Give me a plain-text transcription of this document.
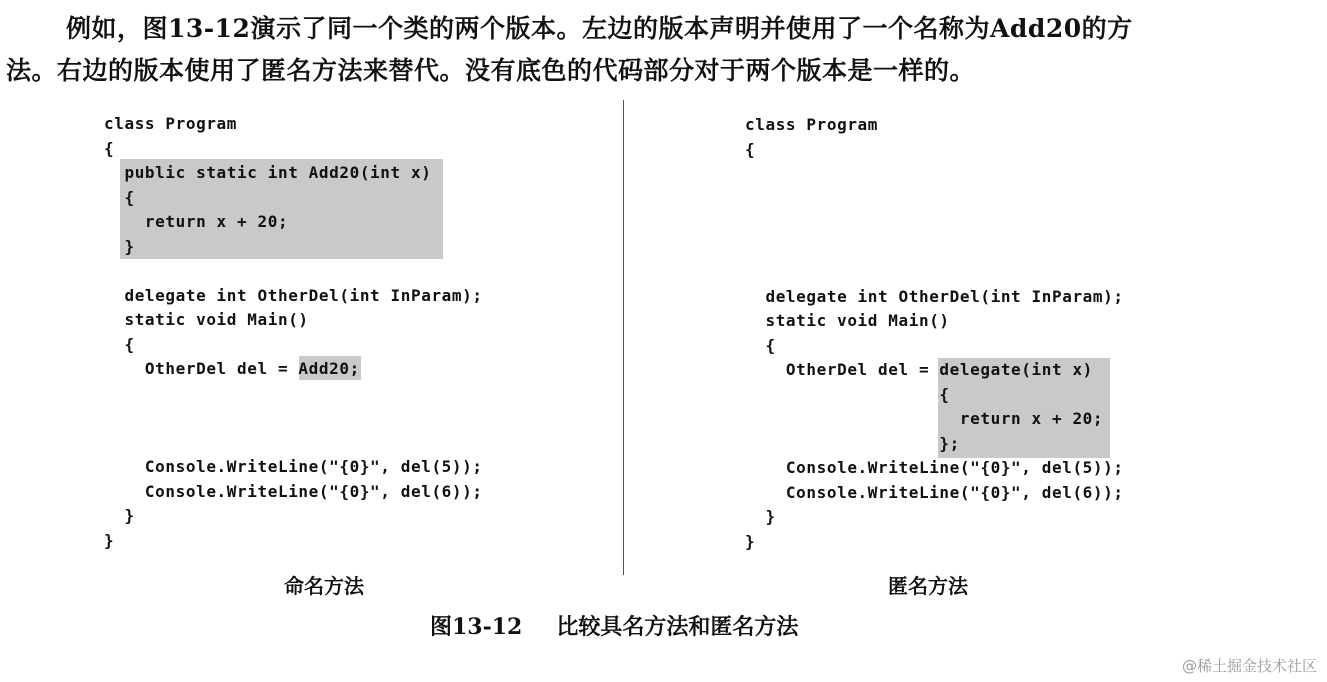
例如，图13-12演示了同一个类的两个版本。左边的版本声明并使用了一个名称为Add20的方

法。右边的版本使用了匿名方法来替代。没有底色的代码部分对于两个版本是一样的。

class Program
{
public static int Add20(int x)
{
return x + 20;
}
delegate int OtherDel(int InParam);
static void Main()
{
OtherDel del = Add20;
Console.WriteLine("{0}", del(5));
Console.WriteLine("{0}", del(6));
}
}
class Program
{
delegate int OtherDel(int InParam);
static void Main()
{
OtherDel del = delegate(int x)
{
return x + 20;
};
Console.WriteLine("{0}", del(5));
Console.WriteLine("{0}", del(6));
}
}
命名方法	匿名方法
图13-12 比较具名方法和匿名方法
@稀土掘金技术社区
